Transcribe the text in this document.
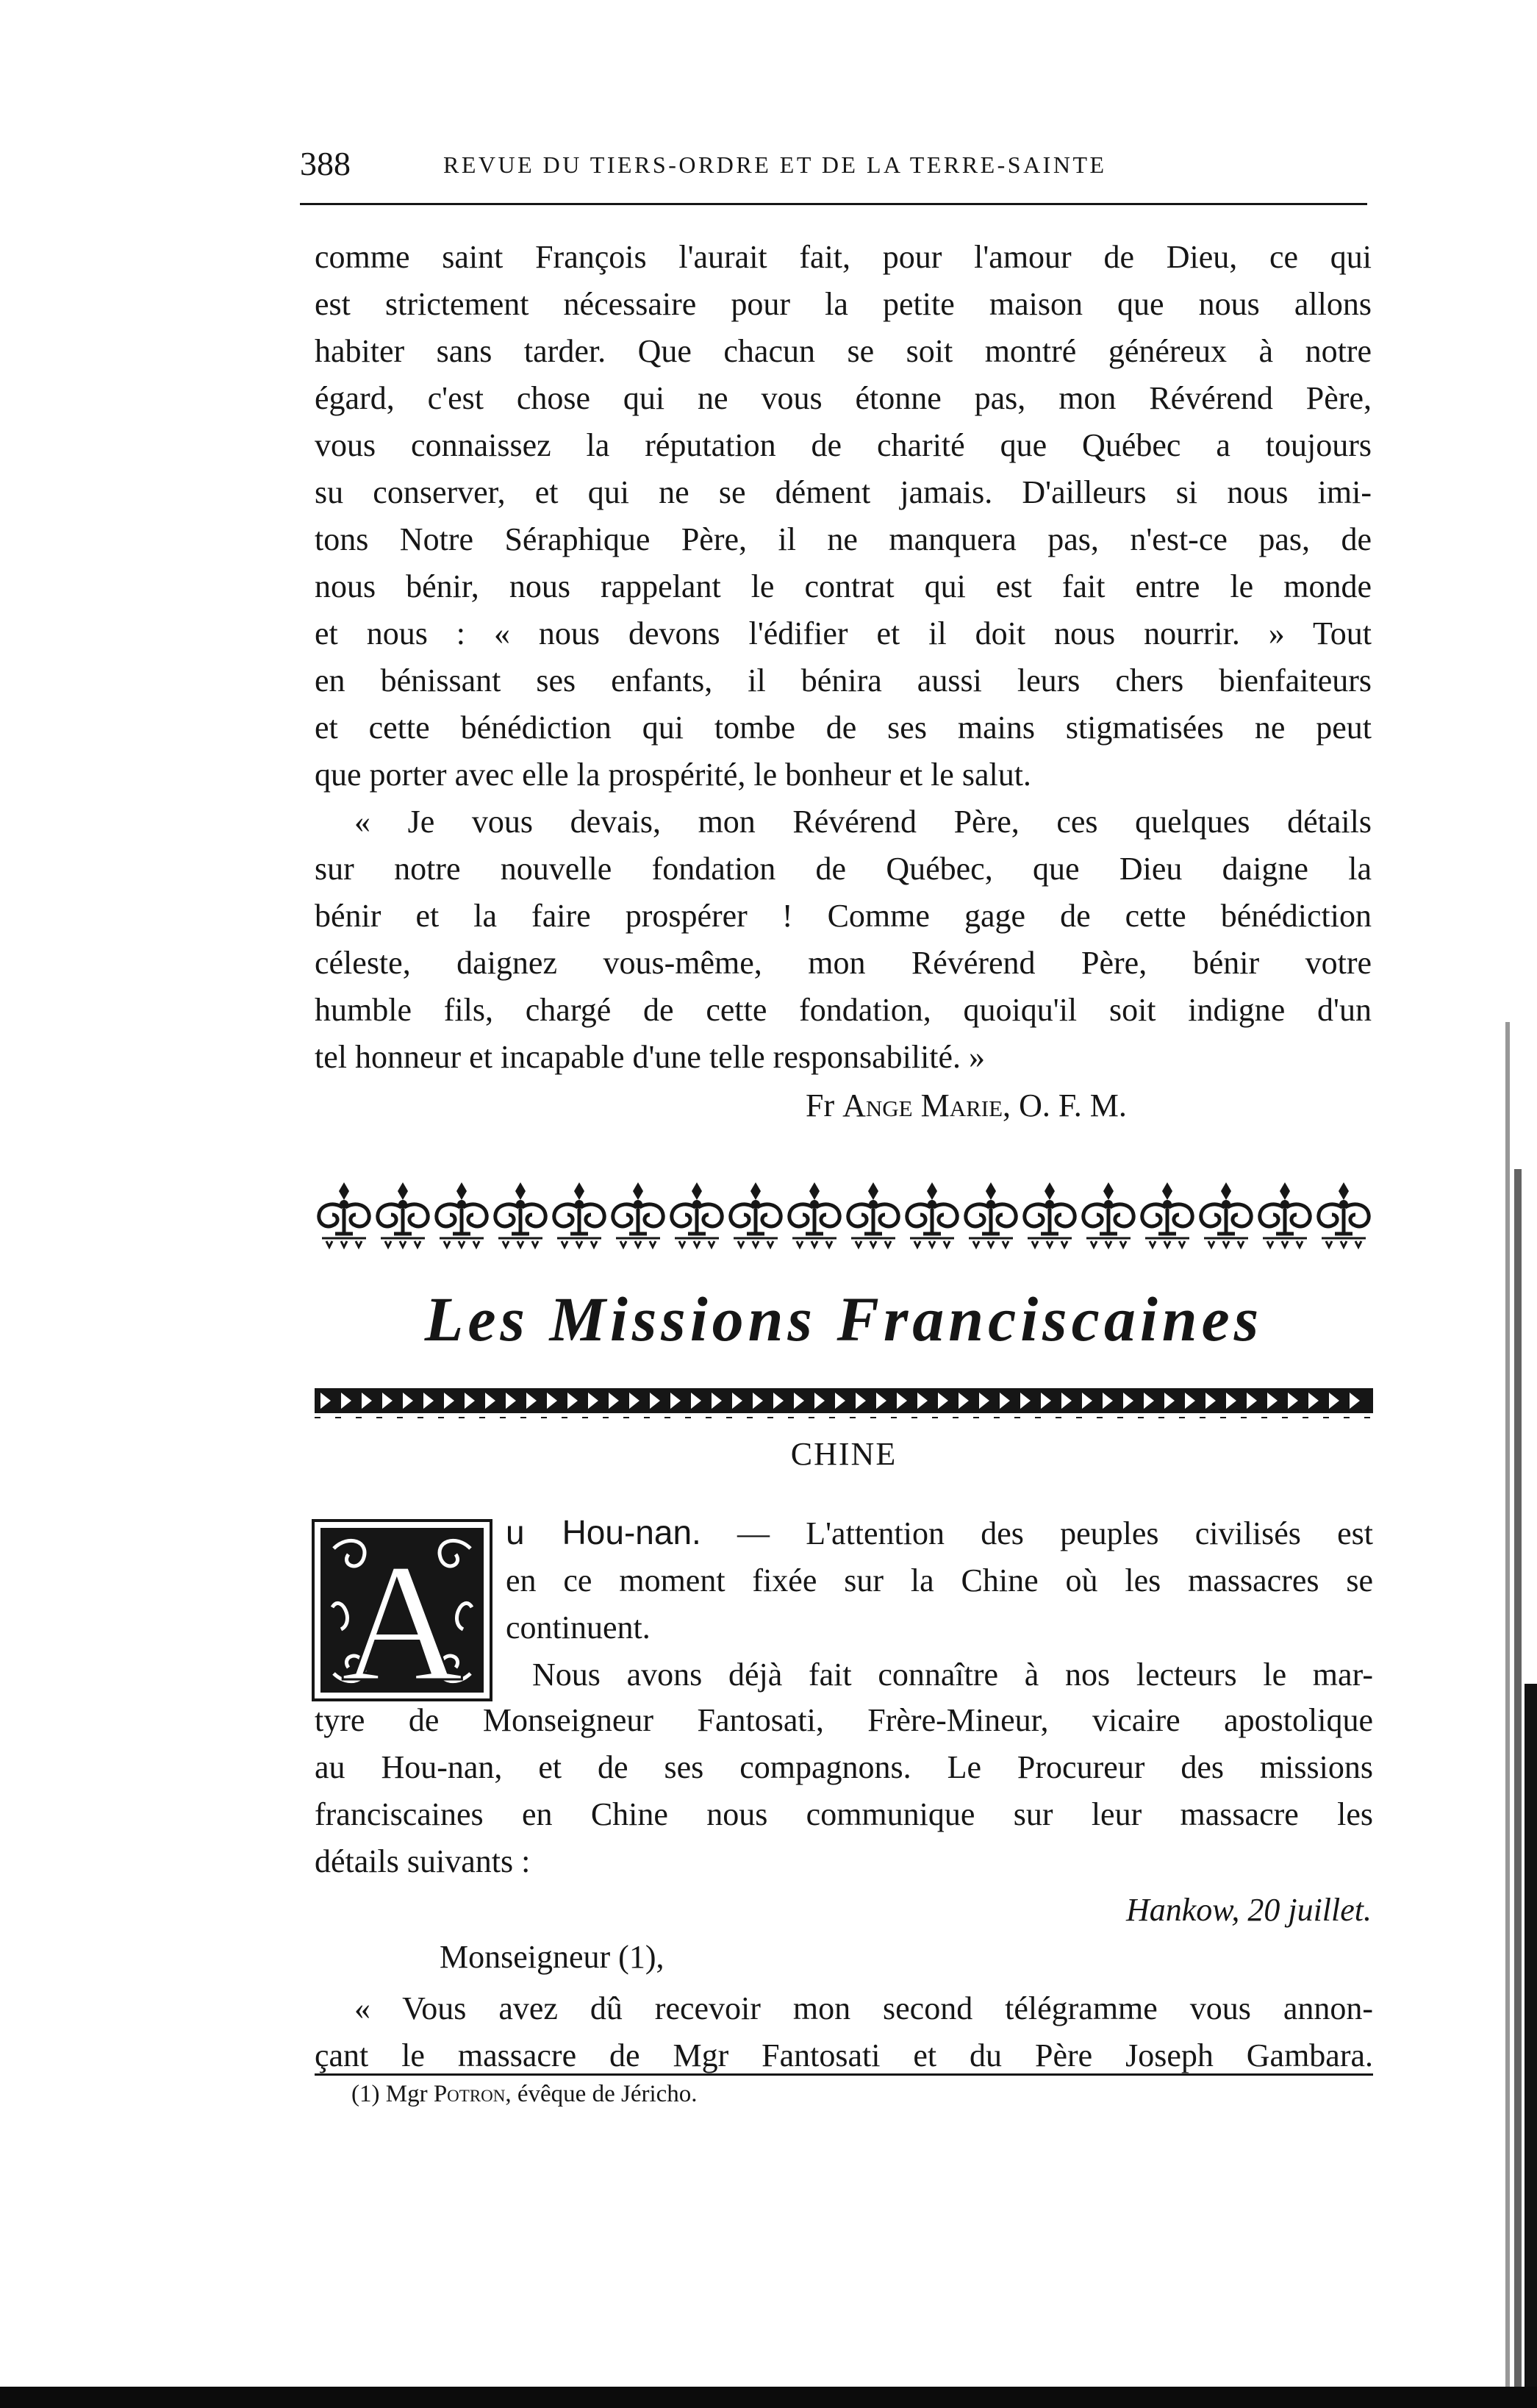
388	REVUE DU TIERS-ORDRE ET DE LA TERRE-SAINTE
comme saint François l'aurait fait, pour l'amour de Dieu, ce qui
est strictement nécessaire pour la petite maison que nous allons
habiter sans tarder. Que chacun se soit montré généreux à notre
égard, c'est chose qui ne vous étonne pas, mon Révérend Père,
vous connaissez la réputation de charité que Québec a toujours
su conserver, et qui ne se dément jamais. D'ailleurs si nous imi-
tons Notre Séraphique Père, il ne manquera pas, n'est-ce pas, de
nous bénir, nous rappelant le contrat qui est fait entre le monde
et nous : « nous devons l'édifier et il doit nous nourrir. » Tout
en bénissant ses enfants, il bénira aussi leurs chers bienfaiteurs
et cette bénédiction qui tombe de ses mains stigmatisées ne peut
que porter avec elle la prospérité, le bonheur et le salut.
« Je vous devais, mon Révérend Père, ces quelques détails
sur notre nouvelle fondation de Québec, que Dieu daigne la
bénir et la faire prospérer ! Comme gage de cette bénédiction
céleste, daignez vous-même, mon Révérend Père, bénir votre
humble fils, chargé de cette fondation, quoiqu'il soit indigne d'un
tel honneur et incapable d'une telle responsabilité. »
Fr Ange Marie, O. F. M.
Les Missions Franciscaines
CHINE
A u Hou-nan. — L'attention des peuples civilisés est
en ce moment fixée sur la Chine où les massacres se
continuent.
Nous avons déjà fait connaître à nos lecteurs le mar-
tyre de Monseigneur Fantosati, Frère-Mineur, vicaire apostolique
au Hou-nan, et de ses compagnons. Le Procureur des missions
franciscaines en Chine nous communique sur leur massacre les
détails suivants :
Hankow, 20 juillet.
Monseigneur (1),
« Vous avez dû recevoir mon second télégramme vous annon-
çant le massacre de Mgr Fantosati et du Père Joseph Gambara.
(1) Mgr Potron, évêque de Jéricho.
